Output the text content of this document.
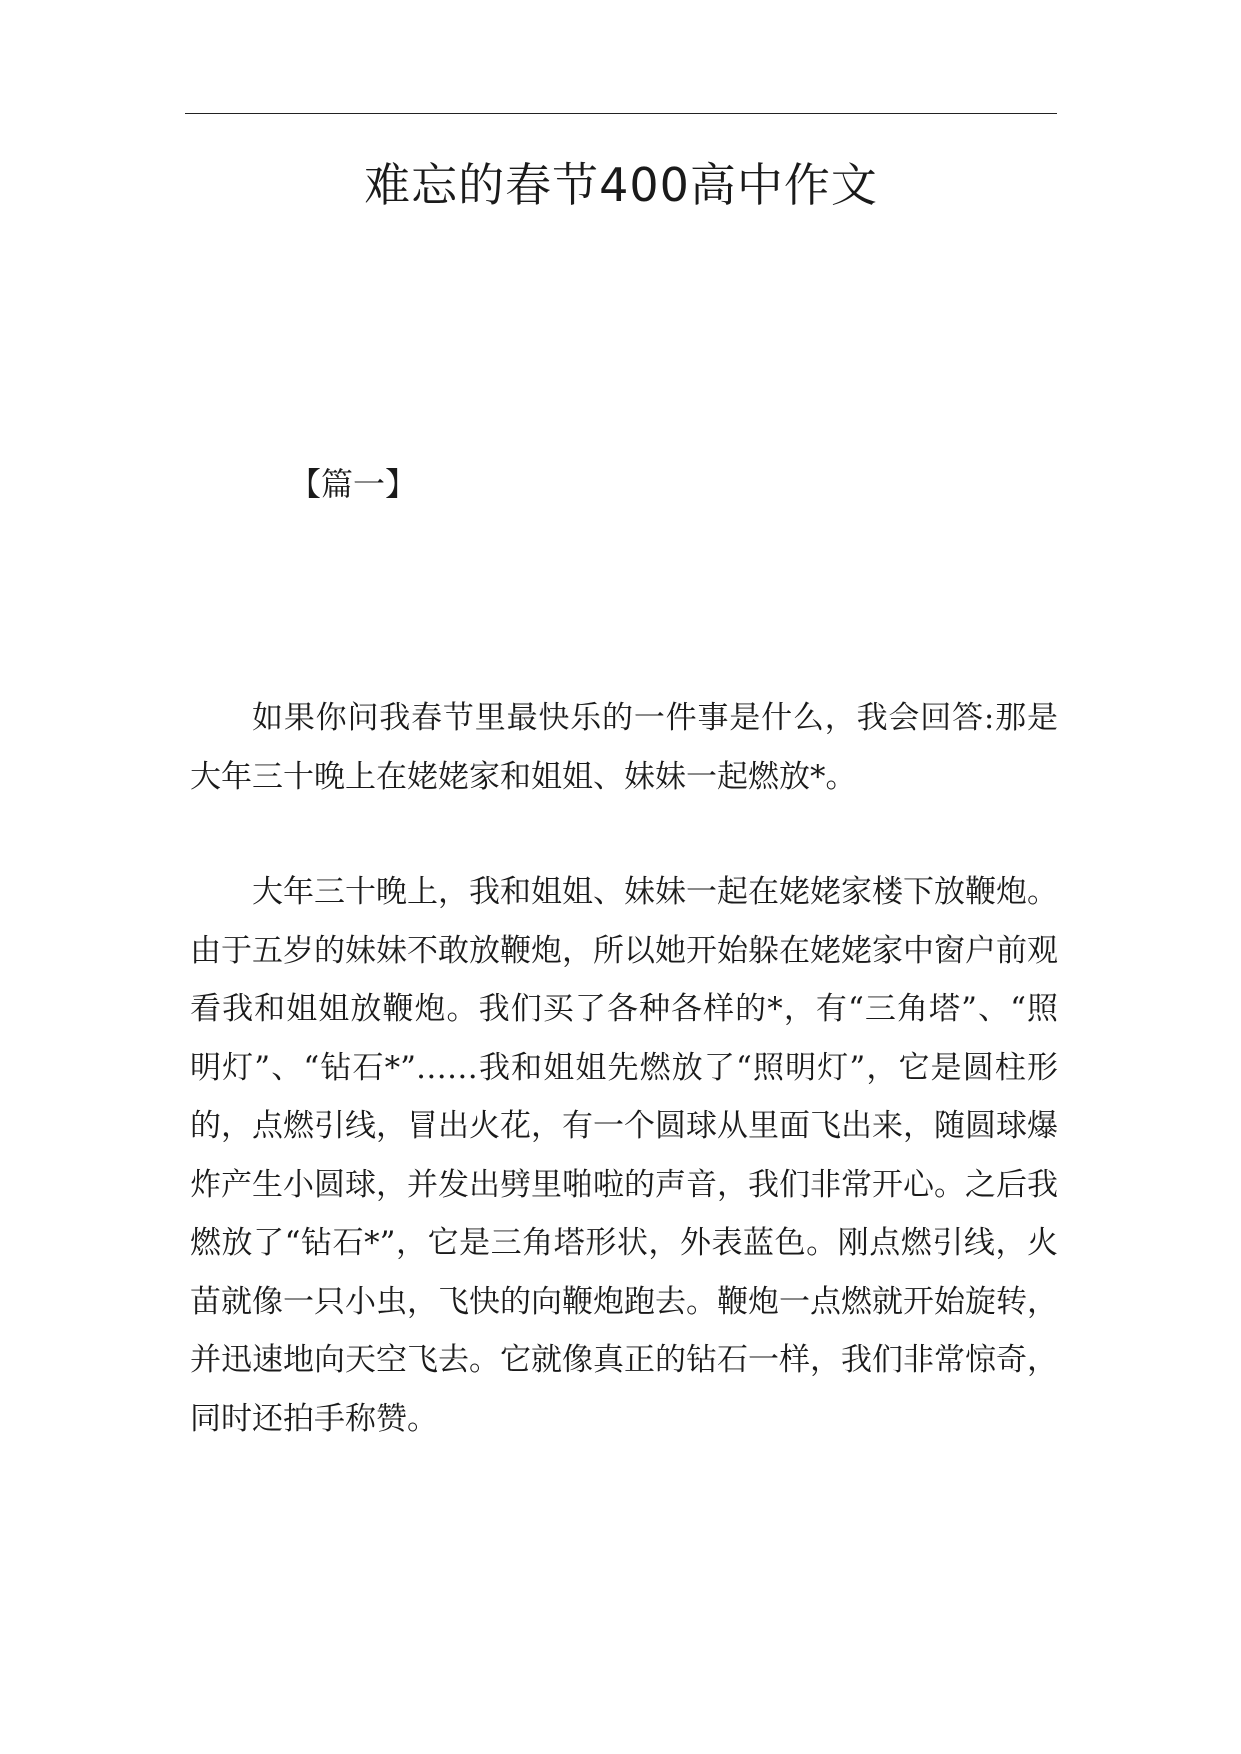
难忘的春节400高中作文
【篇一】

如果你问我春节里最快乐的一件事是什么，我会回答:那是大年三十晚上在姥姥家和姐姐、妹妹一起燃放*。

大年三十晚上，我和姐姐、妹妹一起在姥姥家楼下放鞭炮。由于五岁的妹妹不敢放鞭炮，所以她开始躲在姥姥家中窗户前观看我和姐姐放鞭炮。我们买了各种各样的*，有“三角塔”、“照明灯”、“钻石*”……我和姐姐先燃放了“照明灯”，它是圆柱形的，点燃引线，冒出火花，有一个圆球从里面飞出来，随圆球爆炸产生小圆球，并发出劈里啪啦的声音，我们非常开心。之后我燃放了“钻石*”，它是三角塔形状，外表蓝色。刚点燃引线，火苗就像一只小虫，飞快的向鞭炮跑去。鞭炮一点燃就开始旋转，并迅速地向天空飞去。它就像真正的钻石一样，我们非常惊奇，同时还拍手称赞。
